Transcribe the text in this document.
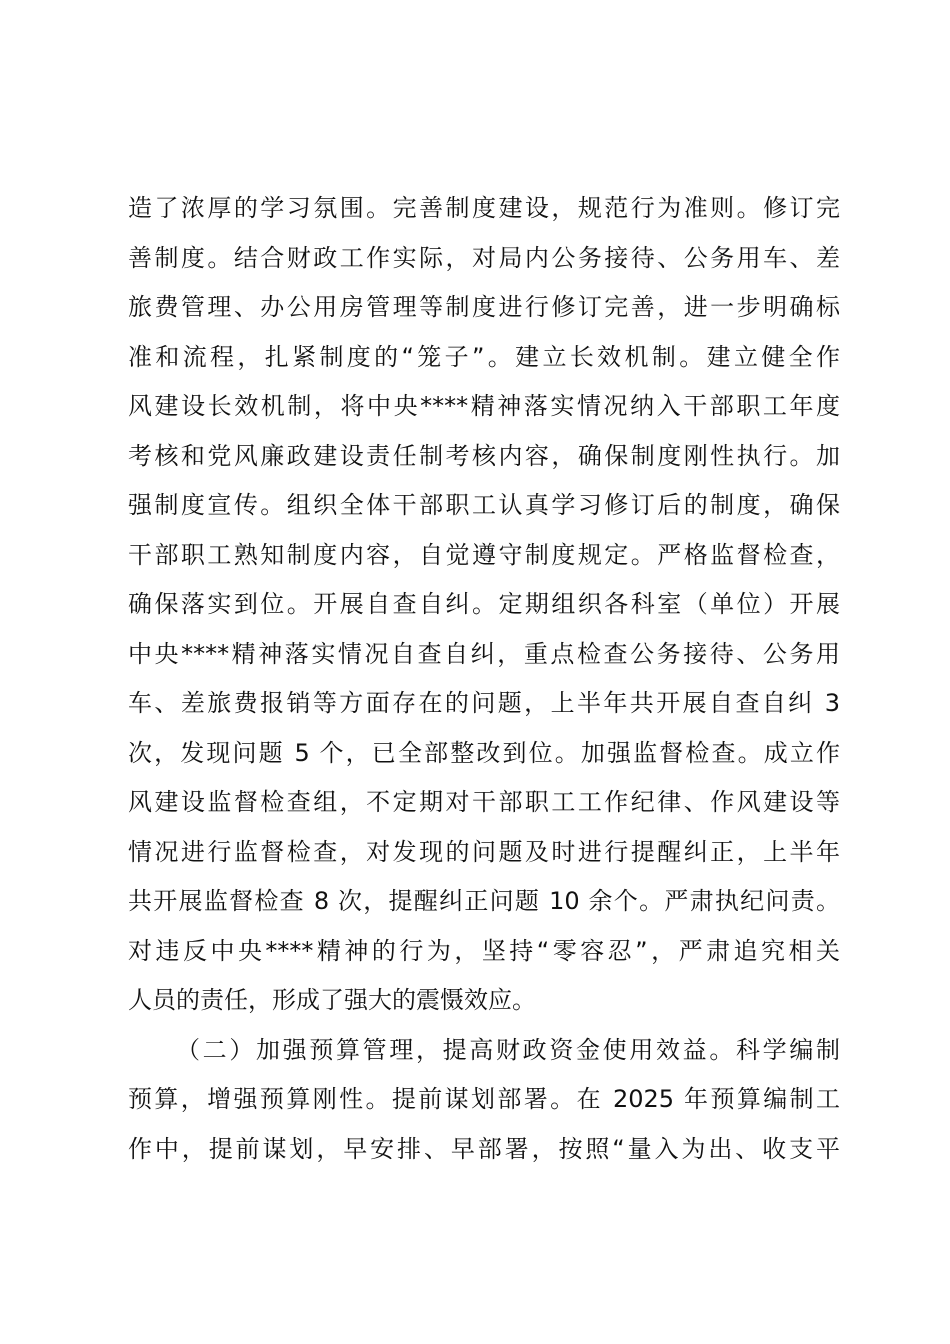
造了浓厚的学习氛围。完善制度建设，规范行为准则。修订完
善制度。结合财政工作实际，对局内公务接待、公务用车、差
旅费管理、办公用房管理等制度进行修订完善，进一步明确标
准和流程，扎紧制度的“笼子”。建立长效机制。建立健全作
风建设长效机制，将中央****精神落实情况纳入干部职工年度
考核和党风廉政建设责任制考核内容，确保制度刚性执行。加
强制度宣传。组织全体干部职工认真学习修订后的制度，确保
干部职工熟知制度内容，自觉遵守制度规定。严格监督检查，
确保落实到位。开展自查自纠。定期组织各科室（单位）开展
中央****精神落实情况自查自纠，重点检查公务接待、公务用
车、差旅费报销等方面存在的问题，上半年共开展自查自纠 3
次，发现问题 5 个，已全部整改到位。加强监督检查。成立作
风建设监督检查组，不定期对干部职工工作纪律、作风建设等
情况进行监督检查，对发现的问题及时进行提醒纠正，上半年
共开展监督检查 8 次，提醒纠正问题 10 余个。严肃执纪问责。
对违反中央****精神的行为，坚持“零容忍”，严肃追究相关
人员的责任，形成了强大的震慑效应。
（二）加强预算管理，提高财政资金使用效益。科学编制
预算，增强预算刚性。提前谋划部署。在 2025 年预算编制工
作中，提前谋划，早安排、早部署，按照“量入为出、收支平
